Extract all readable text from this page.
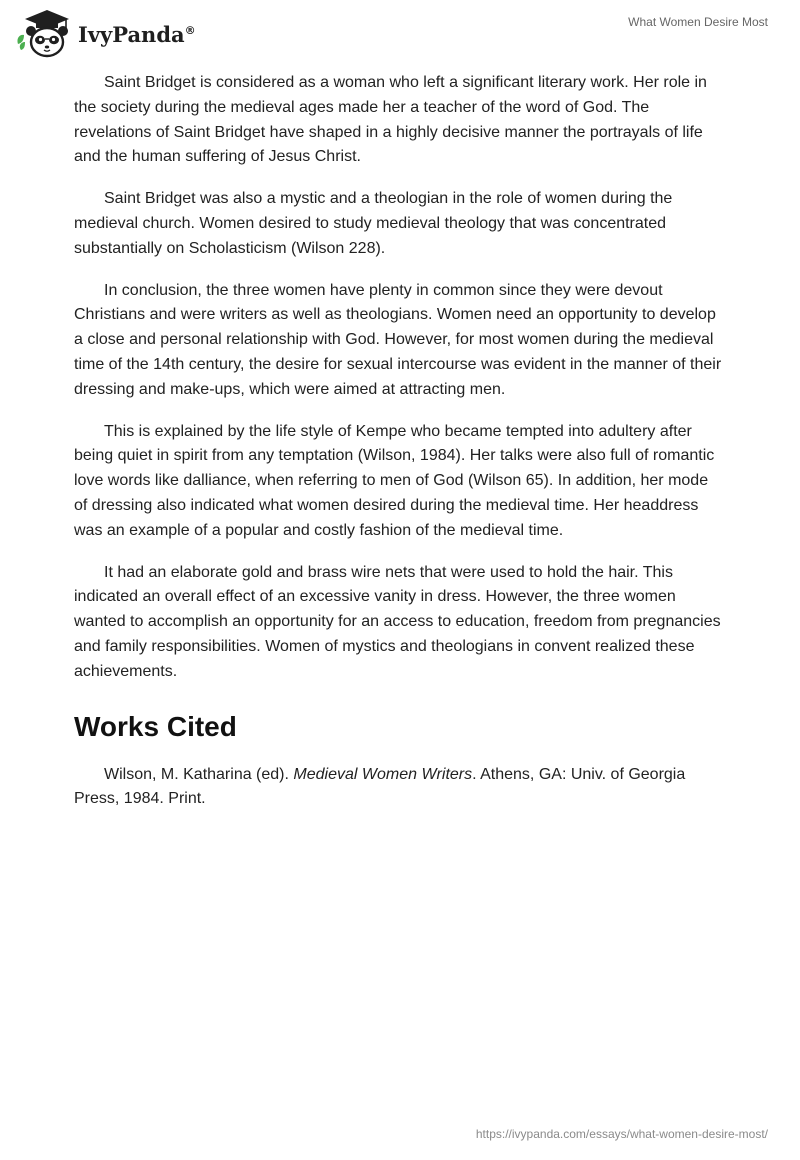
IvyPanda®
What Women Desire Most

Saint Bridget is considered as a woman who left a significant literary work. Her role in the society during the medieval ages made her a teacher of the word of God. The revelations of Saint Bridget have shaped in a highly decisive manner the portrayals of life and the human suffering of Jesus Christ.

Saint Bridget was also a mystic and a theologian in the role of women during the medieval church. Women desired to study medieval theology that was concentrated substantially on Scholasticism (Wilson 228).

In conclusion, the three women have plenty in common since they were devout Christians and were writers as well as theologians. Women need an opportunity to develop a close and personal relationship with God. However, for most women during the medieval time of the 14th century, the desire for sexual intercourse was evident in the manner of their dressing and make-ups, which were aimed at attracting men.

This is explained by the life style of Kempe who became tempted into adultery after being quiet in spirit from any temptation (Wilson, 1984). Her talks were also full of romantic love words like dalliance, when referring to men of God (Wilson 65). In addition, her mode of dressing also indicated what women desired during the medieval time. Her headdress was an example of a popular and costly fashion of the medieval time.

It had an elaborate gold and brass wire nets that were used to hold the hair. This indicated an overall effect of an excessive vanity in dress. However, the three women wanted to accomplish an opportunity for an access to education, freedom from pregnancies and family responsibilities. Women of mystics and theologians in convent realized these achievements.

Works Cited

Wilson, M. Katharina (ed). Medieval Women Writers. Athens, GA: Univ. of Georgia Press, 1984. Print.

https://ivypanda.com/essays/what-women-desire-most/
